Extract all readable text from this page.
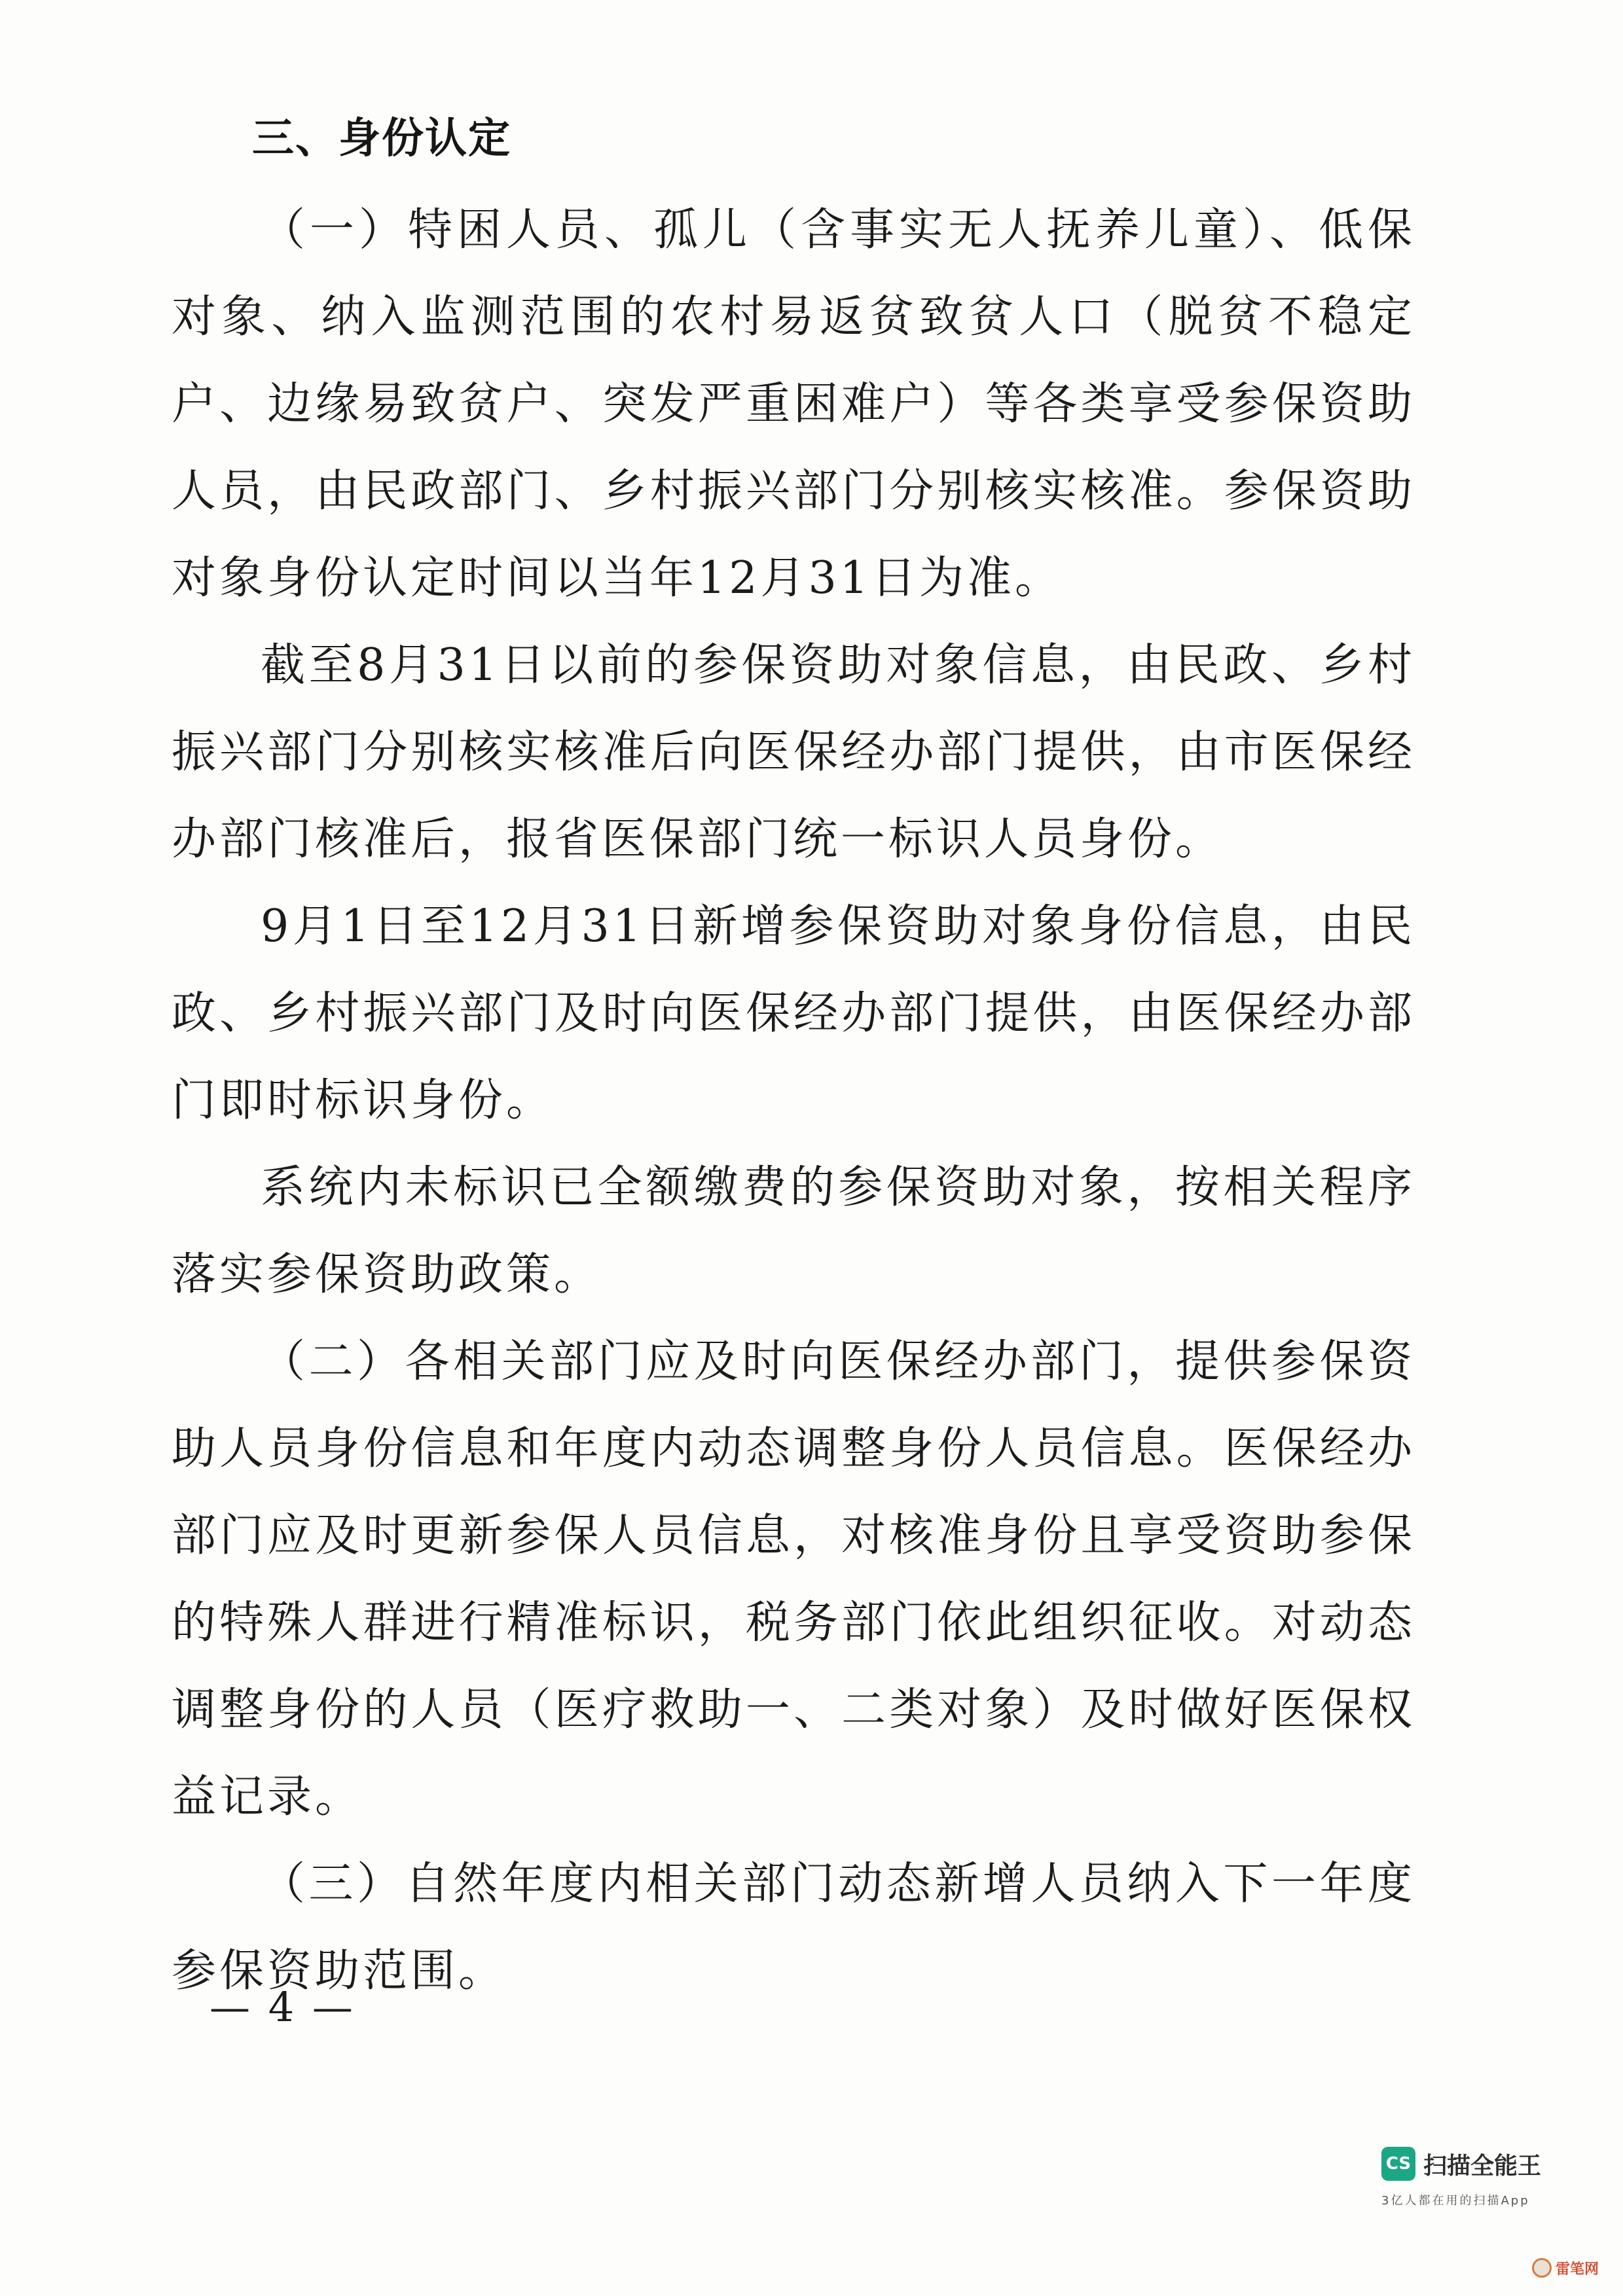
三、身份认定

（一）特困人员、孤儿（含事实无人抚养儿童）、低保对象、纳入监测范围的农村易返贫致贫人口（脱贫不稳定户、边缘易致贫户、突发严重困难户）等各类享受参保资助人员，由民政部门、乡村振兴部门分别核实核准。参保资助对象身份认定时间以当年12月31日为准。

截至8月31日以前的参保资助对象信息，由民政、乡村振兴部门分别核实核准后向医保经办部门提供，由市医保经办部门核准后，报省医保部门统一标识人员身份。

9月1日至12月31日新增参保资助对象身份信息，由民政、乡村振兴部门及时向医保经办部门提供，由医保经办部门即时标识身份。

系统内未标识已全额缴费的参保资助对象，按相关程序落实参保资助政策。

（二）各相关部门应及时向医保经办部门，提供参保资助人员身份信息和年度内动态调整身份人员信息。医保经办部门应及时更新参保人员信息，对核准身份且享受资助参保的特殊人群进行精准标识，税务部门依此组织征收。对动态调整身份的人员（医疗救助一、二类对象）及时做好医保权益记录。

（三）自然年度内相关部门动态新增人员纳入下一年度参保资助范围。

— 4 —
CS 扫描全能王
3亿人都在用的扫描App
雷笔网
